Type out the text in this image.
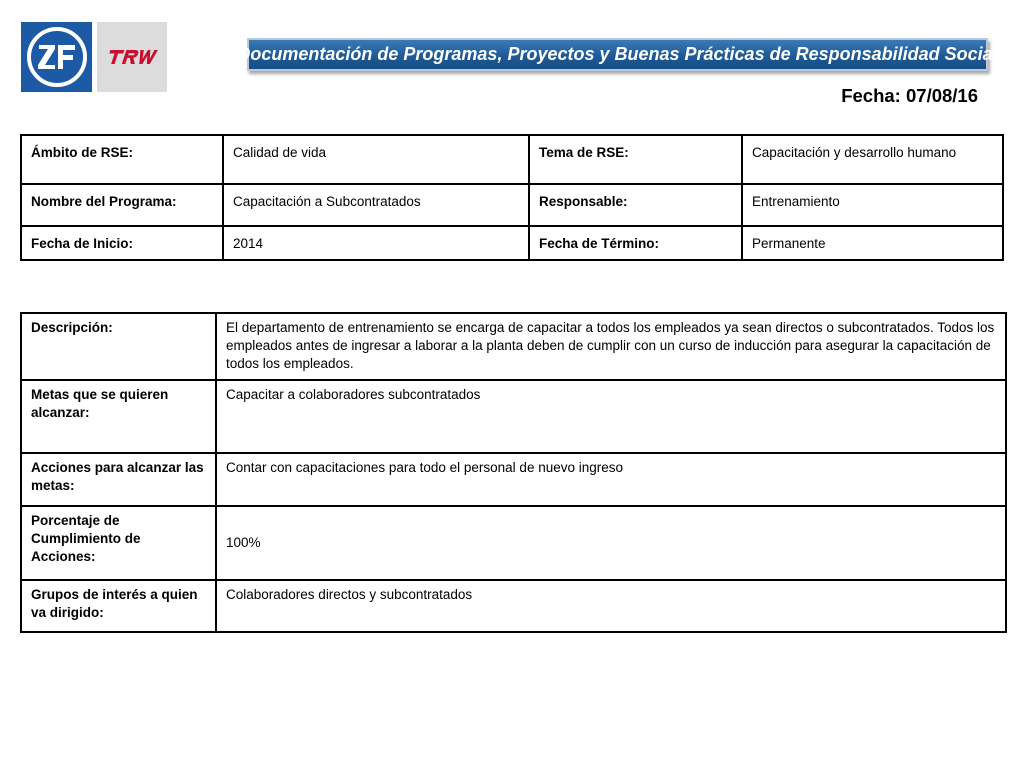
Documentación de Programas, Proyectos y Buenas Prácticas de Responsabilidad Social
Fecha: 07/08/16
Ámbito de RSE:	Calidad de vida	Tema de RSE:	Capacitación y desarrollo humano
Nombre del Programa:	Capacitación a Subcontratados	Responsable:	Entrenamiento
Fecha de Inicio:	2014	Fecha de Término:	Permanente
Descripción:	El departamento de entrenamiento se encarga de capacitar a todos los empleados ya sean directos o subcontratados. Todos los empleados antes de ingresar a laborar a la planta deben de cumplir con un curso de inducción para asegurar la capacitación de todos los empleados.
Metas que se quieren alcanzar:	Capacitar a colaboradores subcontratados
Acciones para alcanzar las metas:	Contar con capacitaciones para todo el personal de nuevo ingreso
Porcentaje de Cumplimiento de Acciones:	100%
Grupos de interés a quien va dirigido:	Colaboradores directos y subcontratados
